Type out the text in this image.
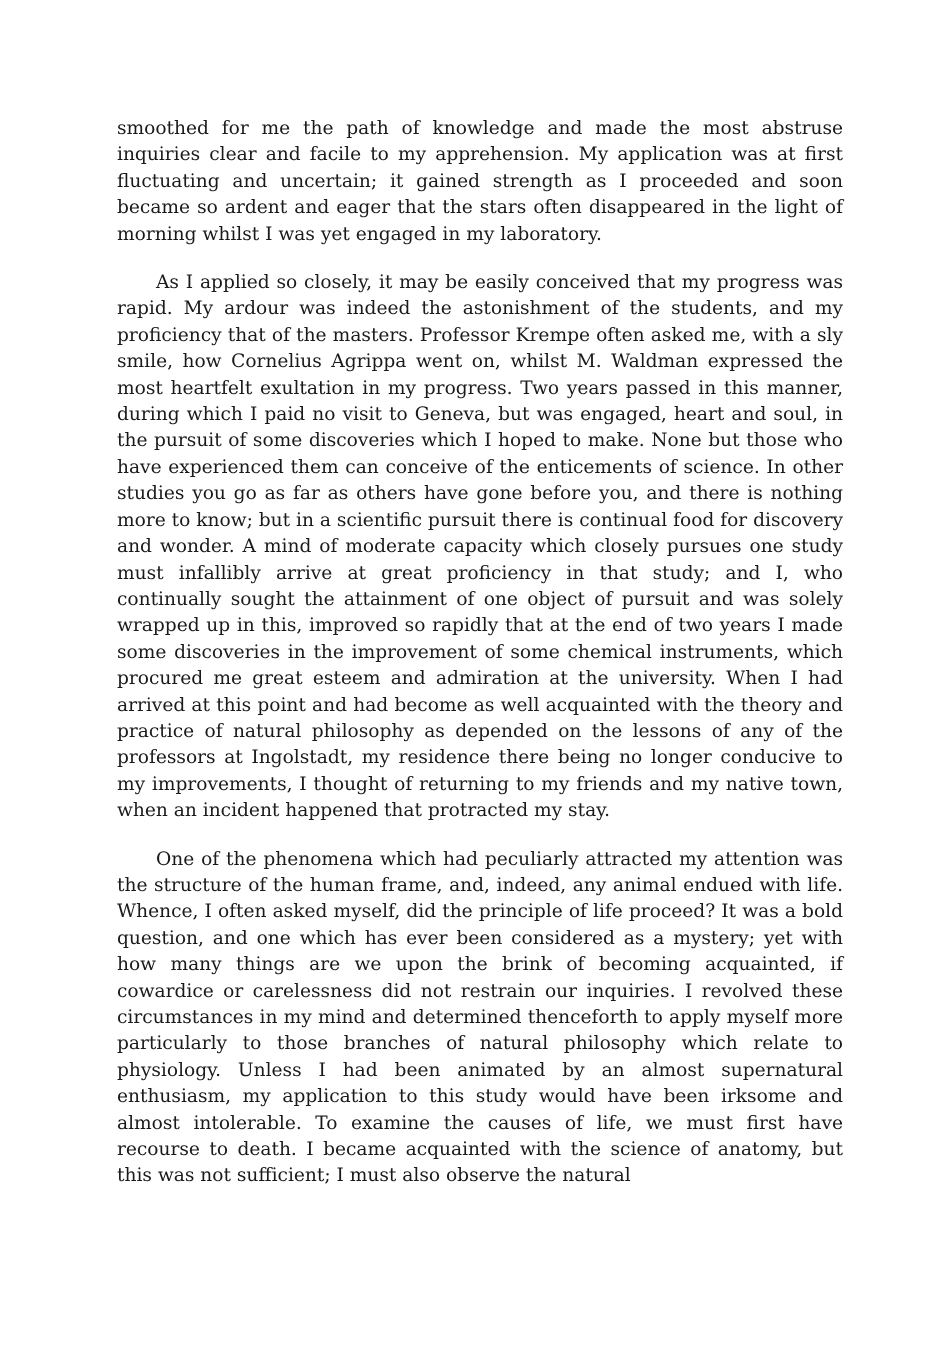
smoothed for me the path of knowledge and made the most abstruse inquiries clear and facile to my apprehension. My application was at first fluctuating and uncertain; it gained strength as I proceeded and soon became so ardent and eager that the stars often disappeared in the light of morning whilst I was yet engaged in my laboratory.

As I applied so closely, it may be easily conceived that my progress was rapid. My ardour was indeed the astonishment of the students, and my proficiency that of the masters. Professor Krempe often asked me, with a sly smile, how Cornelius Agrippa went on, whilst M. Waldman expressed the most heartfelt exultation in my progress. Two years passed in this manner, during which I paid no visit to Geneva, but was engaged, heart and soul, in the pursuit of some discoveries which I hoped to make. None but those who have experienced them can conceive of the enticements of science. In other studies you go as far as others have gone before you, and there is nothing more to know; but in a scientific pursuit there is continual food for discovery and wonder. A mind of moderate capacity which closely pursues one study must infallibly arrive at great proficiency in that study; and I, who continually sought the attainment of one object of pursuit and was solely wrapped up in this, improved so rapidly that at the end of two years I made some discoveries in the improvement of some chemical instruments, which procured me great esteem and admiration at the university. When I had arrived at this point and had become as well acquainted with the theory and practice of natural philosophy as depended on the lessons of any of the professors at Ingolstadt, my residence there being no longer conducive to my improvements, I thought of returning to my friends and my native town, when an incident happened that protracted my stay.

One of the phenomena which had peculiarly attracted my attention was the structure of the human frame, and, indeed, any animal endued with life. Whence, I often asked myself, did the principle of life proceed? It was a bold question, and one which has ever been considered as a mystery; yet with how many things are we upon the brink of becoming acquainted, if cowardice or carelessness did not restrain our inquiries. I revolved these circumstances in my mind and determined thenceforth to apply myself more particularly to those branches of natural philosophy which relate to physiology. Unless I had been animated by an almost supernatural enthusiasm, my application to this study would have been irksome and almost intolerable. To examine the causes of life, we must first have recourse to death. I became acquainted with the science of anatomy, but this was not sufficient; I must also observe the natural
